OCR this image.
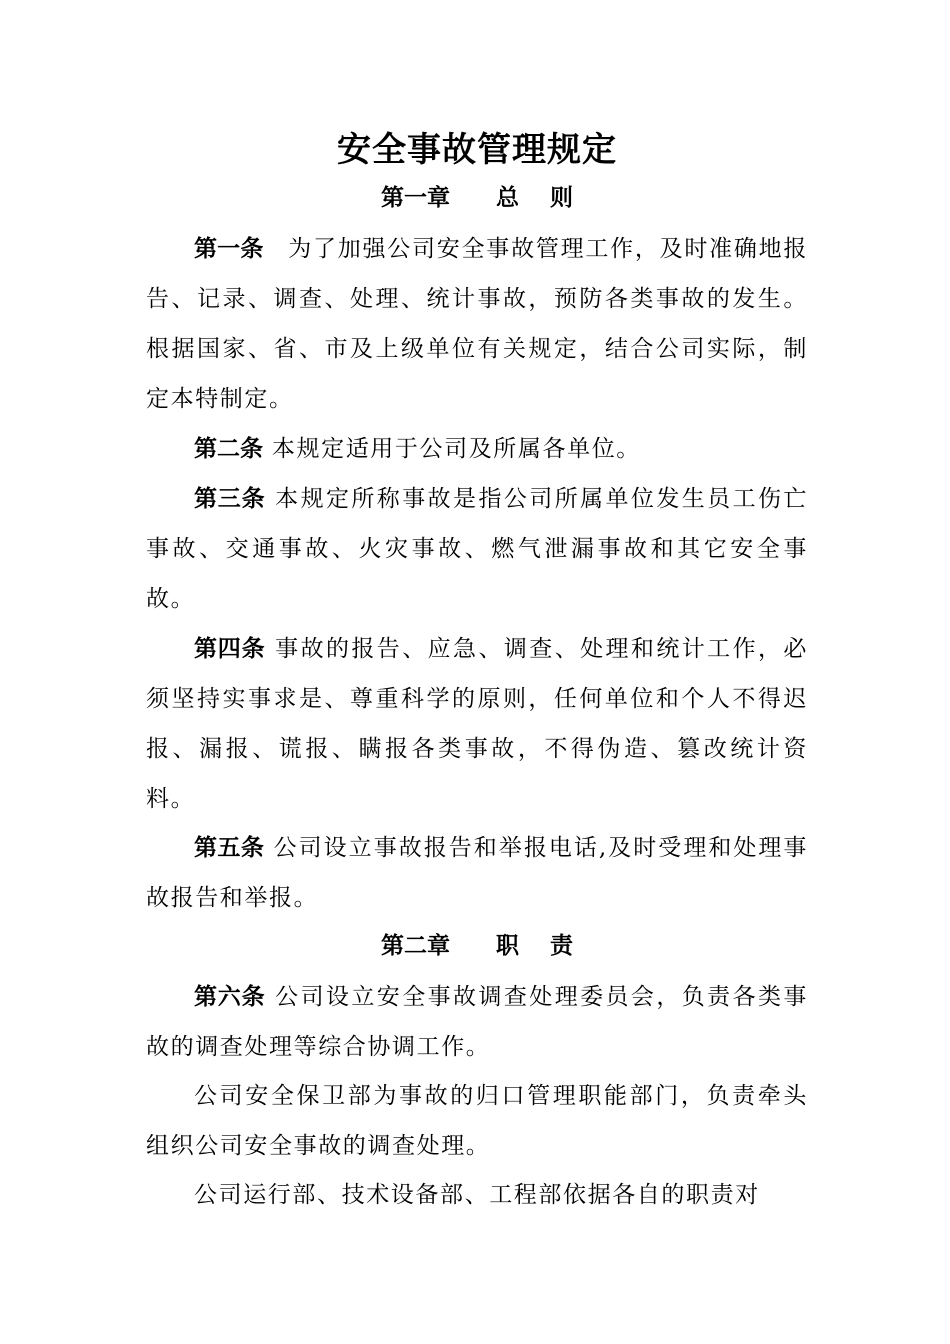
安全事故管理规定
第一章　　总　 则

第一条　为了加强公司安全事故管理工作，及时准确地报告、记录、调查、处理、统计事故，预防各类事故的发生。根据国家、省、市及上级单位有关规定，结合公司实际，制定本特制定。

第二条 本规定适用于公司及所属各单位。

第三条 本规定所称事故是指公司所属单位发生员工伤亡事故、交通事故、火灾事故、燃气泄漏事故和其它安全事故。

第四条 事故的报告、应急、调查、处理和统计工作，必须坚持实事求是、尊重科学的原则，任何单位和个人不得迟报、漏报、谎报、瞒报各类事故，不得伪造、篡改统计资料。

第五条 公司设立事故报告和举报电话,及时受理和处理事故报告和举报。

第二章　　职　 责

第六条 公司设立安全事故调查处理委员会，负责各类事故的调查处理等综合协调工作。

公司安全保卫部为事故的归口管理职能部门，负责牵头组织公司安全事故的调查处理。

公司运行部、技术设备部、工程部依据各自的职责对
